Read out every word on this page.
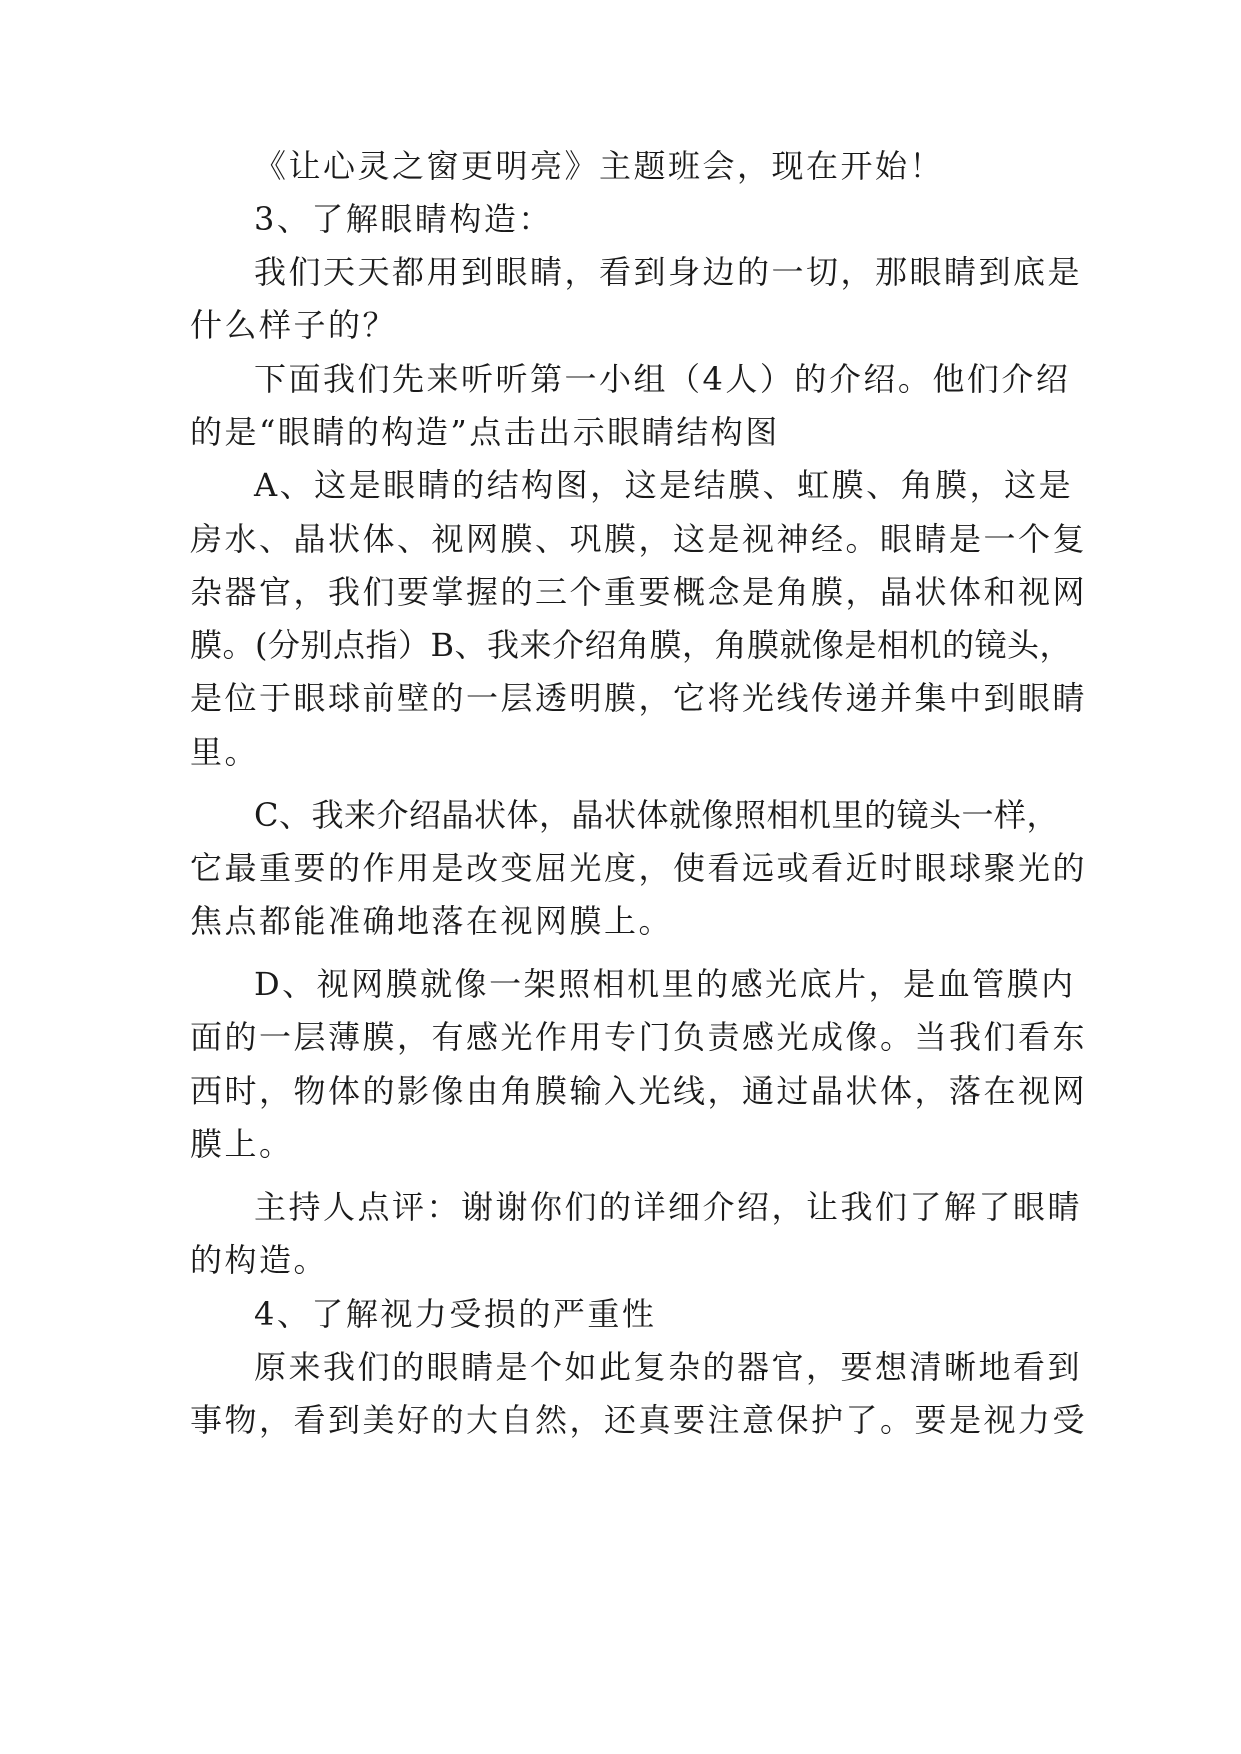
《让心灵之窗更明亮》主题班会，现在开始！
3、了解眼睛构造：
我们天天都用到眼睛，看到身边的一切，那眼睛到底是
什么样子的？
下面我们先来听听第一小组（4人）的介绍。他们介绍
的是“眼睛的构造”点击出示眼睛结构图
A、这是眼睛的结构图，这是结膜、虹膜、角膜，这是
房水、晶状体、视网膜、巩膜，这是视神经。眼睛是一个复
杂器官，我们要掌握的三个重要概念是角膜，晶状体和视网
膜。(分别点指）B、我来介绍角膜，角膜就像是相机的镜头，
是位于眼球前壁的一层透明膜，它将光线传递并集中到眼睛
里。
C、我来介绍晶状体，晶状体就像照相机里的镜头一样，
它最重要的作用是改变屈光度，使看远或看近时眼球聚光的
焦点都能准确地落在视网膜上。
D、视网膜就像一架照相机里的感光底片，是血管膜内
面的一层薄膜，有感光作用专门负责感光成像。当我们看东
西时，物体的影像由角膜输入光线，通过晶状体，落在视网
膜上。
主持人点评：谢谢你们的详细介绍，让我们了解了眼睛
的构造。
4、了解视力受损的严重性
原来我们的眼睛是个如此复杂的器官，要想清晰地看到
事物，看到美好的大自然，还真要注意保护了。要是视力受
